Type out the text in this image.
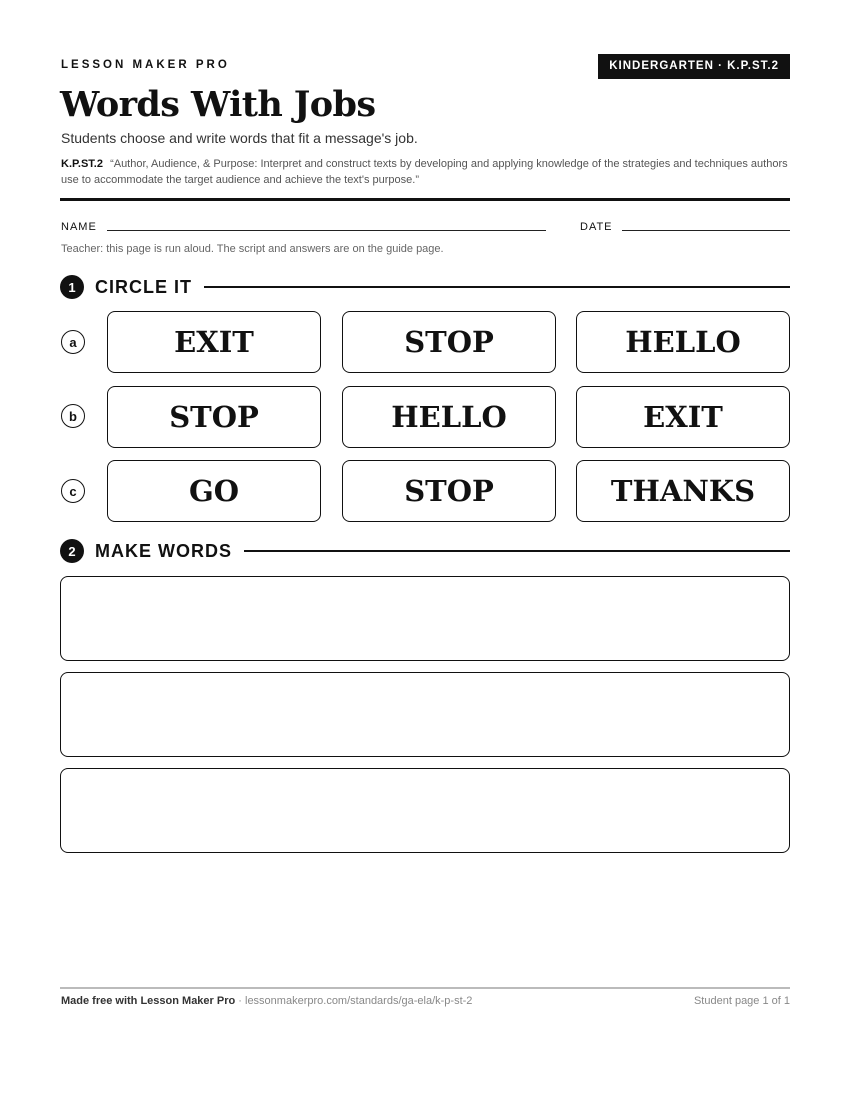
LESSON MAKER PRO	KINDERGARTEN · K.P.ST.2
Words With Jobs
Students choose and write words that fit a message's job.
K.P.ST.2 “Author, Audience, & Purpose: Interpret and construct texts by developing and applying knowledge of the strategies and techniques authors use to accommodate the target audience and achieve the text's purpose.”
NAME	DATE
Teacher: this page is run aloud. The script and answers are on the guide page.
1	CIRCLE IT
a	EXIT	STOP	HELLO
b	STOP	HELLO	EXIT
c	GO	STOP	THANKS
2	MAKE WORDS
Made free with Lesson Maker Pro · lessonmakerpro.com/standards/ga-ela/k-p-st-2	Student page 1 of 1
